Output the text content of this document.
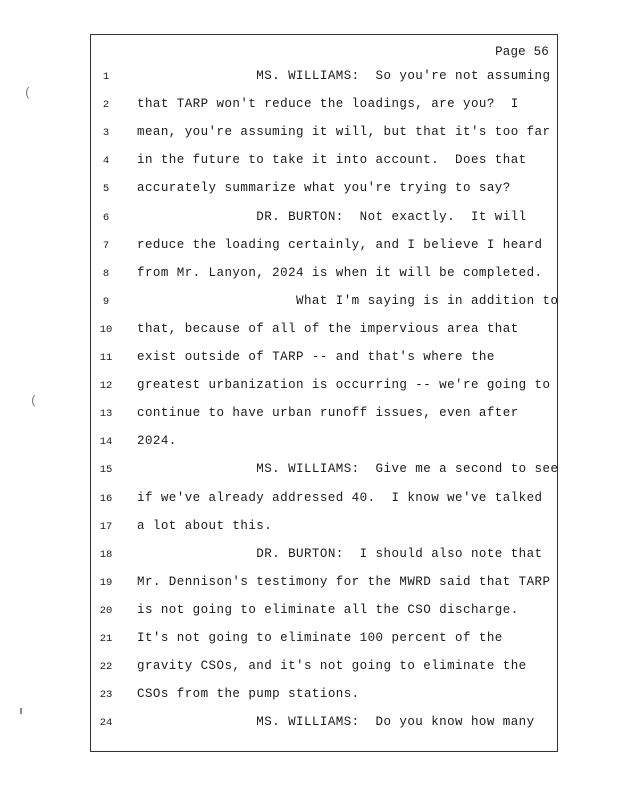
Page 56
1	MS. WILLIAMS:  So you're not assuming
2	that TARP won't reduce the loadings, are you?  I
3	mean, you're assuming it will, but that it's too far
4	in the future to take it into account.  Does that
5	accurately summarize what you're trying to say?
6	DR. BURTON:  Not exactly.  It will
7	reduce the loading certainly, and I believe I heard
8	from Mr. Lanyon, 2024 is when it will be completed.
9	What I'm saying is in addition to
10 that, because of all of the impervious area that
11 exist outside of TARP -- and that's where the
12 greatest urbanization is occurring -- we're going to
13 continue to have urban runoff issues, even after
14 2024.
15 MS. WILLIAMS:  Give me a second to see
16 if we've already addressed 40.  I know we've talked
17 a lot about this.
18 DR. BURTON:  I should also note that
19 Mr. Dennison's testimony for the MWRD said that TARP
20 is not going to eliminate all the CSO discharge.
21 It's not going to eliminate 100 percent of the
22 gravity CSOs, and it's not going to eliminate the
23 CSOs from the pump stations.
24 MS. WILLIAMS:  Do you know how many
(
(
